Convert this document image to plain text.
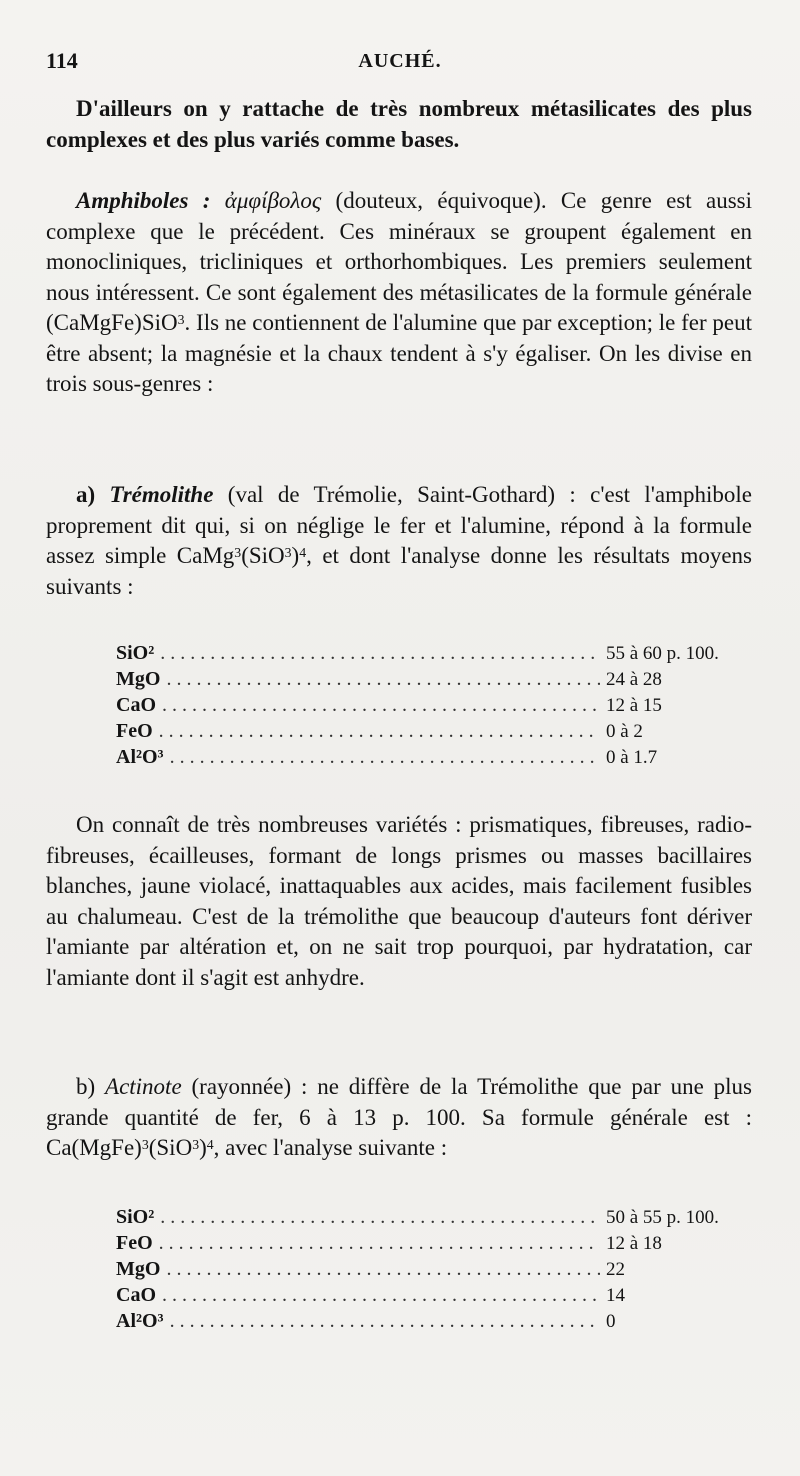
114	AUCHÉ.

D'ailleurs on y rattache de très nombreux métasilicates des plus complexes et des plus variés comme bases.

Amphiboles : ἀμφίβολος (douteux, équivoque). Ce genre est aussi complexe que le précédent. Ces minéraux se groupent également en monocliniques, tricliniques et orthorhombiques. Les premiers seulement nous intéressent. Ce sont également des métasilicates de la formule générale (CaMgFe)SiO$^3$. Ils ne contiennent de l'alumine que par exception; le fer peut être absent; la magnésie et la chaux tendent à s'y égaliser. On les divise en trois sous-genres :

a) Trémolithe (val de Trémolie, Saint-Gothard) : c'est l'amphibole proprement dit qui, si on néglige le fer et l'alumine, répond à la formule assez simple $CaMg^3(SiO^3)^4$, et dont l'analyse donne les résultats moyens suivants :

SiO² . . .	55 à 60 p. 100.
MgO . . .	24 à 28
CaO . . .	12 à 15
FeO . . .	0 à 2
Al²O³ . . .	0 à 1.7

On connaît de très nombreuses variétés : prismatiques, fibreuses, radio-fibreuses, écailleuses, formant de longs prismes ou masses bacillaires blanches, jaune violacé, inattaquables aux acides, mais facilement fusibles au chalumeau. C'est de la trémolithe que beaucoup d'auteurs font dériver l'amiante par altération et, on ne sait trop pourquoi, par hydratation, car l'amiante dont il s'agit est anhydre.

b) Actinote (rayonnée) : ne diffère de la Trémolithe que par une plus grande quantité de fer, 6 à 13 p. 100. Sa formule générale est : $Ca(MgFe)^3(SiO^3)^4$, avec l'analyse suivante :

SiO² . . .	50 à 55 p. 100.
FeO . . .	12 à 18
MgO . . .	22
CaO . . .	14
Al²O³ . . .	0
